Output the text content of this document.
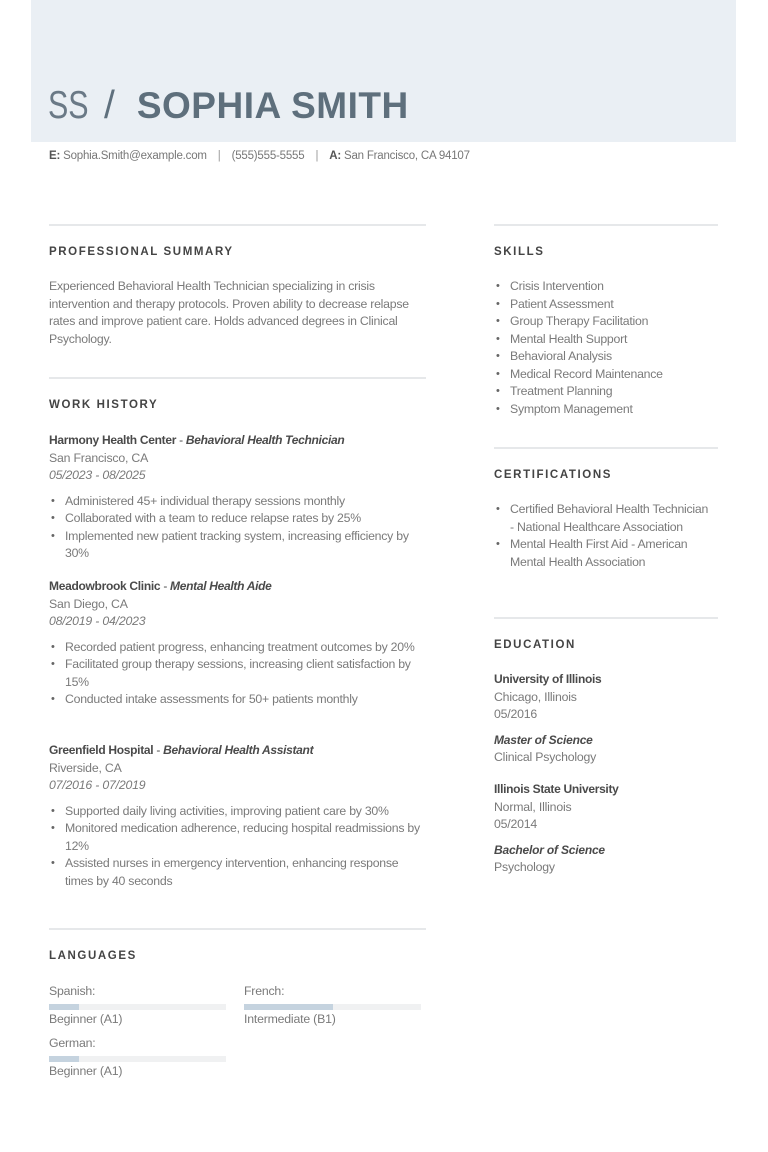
SS / SOPHIA SMITH
E: Sophia.Smith@example.com | (555)555-5555 | A: San Francisco, CA 94107
PROFESSIONAL SUMMARY
Experienced Behavioral Health Technician specializing in crisis intervention and therapy protocols. Proven ability to decrease relapse rates and improve patient care. Holds advanced degrees in Clinical Psychology.
WORK HISTORY
Harmony Health Center - Behavioral Health Technician
San Francisco, CA
05/2023 - 08/2025
• Administered 45+ individual therapy sessions monthly
• Collaborated with a team to reduce relapse rates by 25%
• Implemented new patient tracking system, increasing efficiency by 30%
Meadowbrook Clinic - Mental Health Aide
San Diego, CA
08/2019 - 04/2023
• Recorded patient progress, enhancing treatment outcomes by 20%
• Facilitated group therapy sessions, increasing client satisfaction by 15%
• Conducted intake assessments for 50+ patients monthly
Greenfield Hospital - Behavioral Health Assistant
Riverside, CA
07/2016 - 07/2019
• Supported daily living activities, improving patient care by 30%
• Monitored medication adherence, reducing hospital readmissions by 12%
• Assisted nurses in emergency intervention, enhancing response times by 40 seconds
LANGUAGES
Spanish:
Beginner (A1)
French:
Intermediate (B1)
German:
Beginner (A1)
SKILLS
• Crisis Intervention
• Patient Assessment
• Group Therapy Facilitation
• Mental Health Support
• Behavioral Analysis
• Medical Record Maintenance
• Treatment Planning
• Symptom Management
CERTIFICATIONS
• Certified Behavioral Health Technician - National Healthcare Association
• Mental Health First Aid - American Mental Health Association
EDUCATION
University of Illinois
Chicago, Illinois
05/2016
Master of Science
Clinical Psychology
Illinois State University
Normal, Illinois
05/2014
Bachelor of Science
Psychology
